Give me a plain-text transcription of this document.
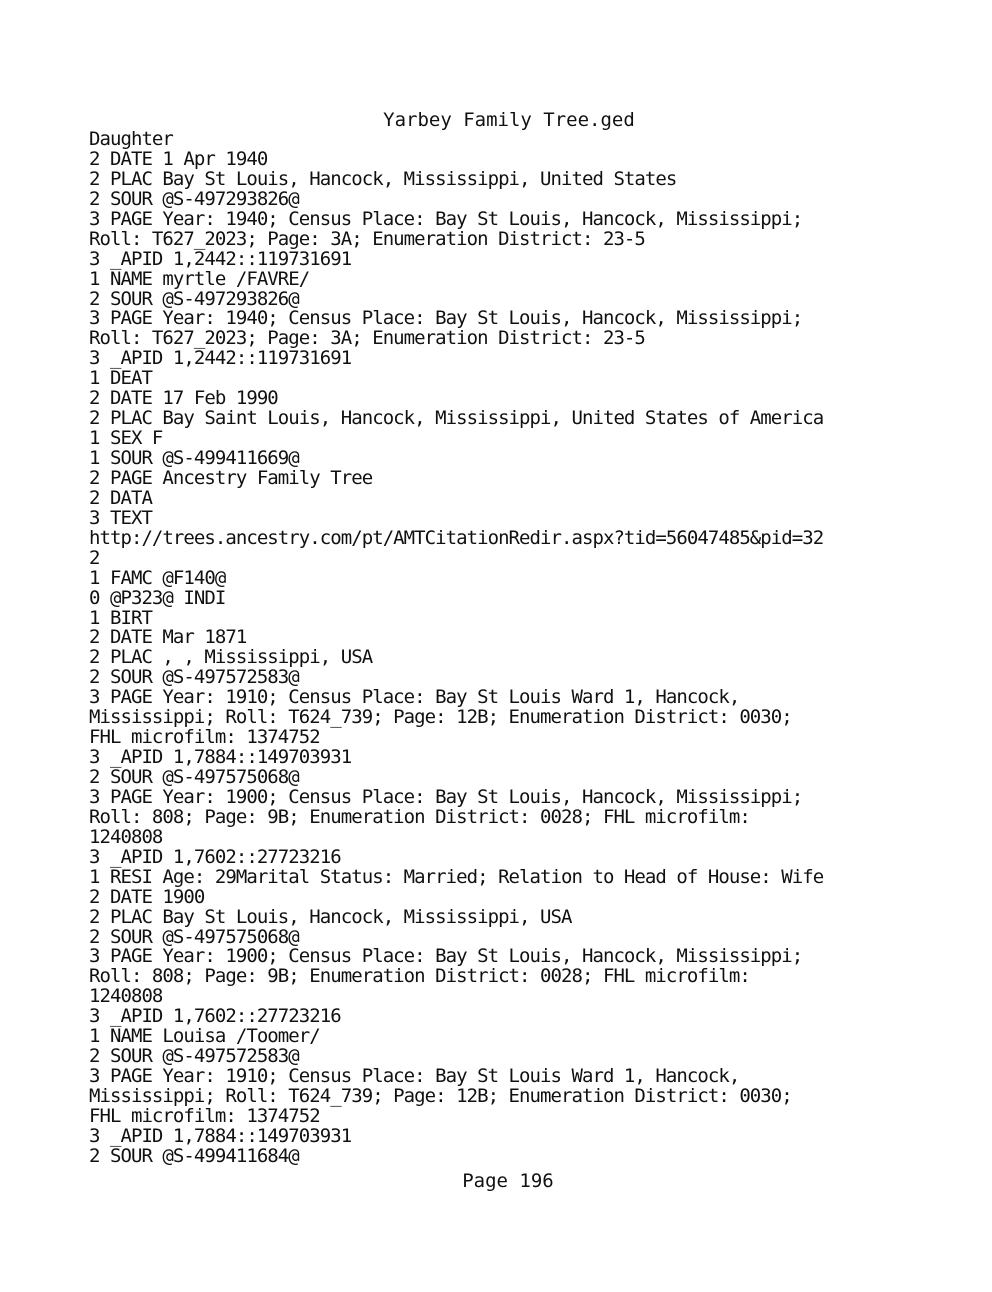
Yarbey Family Tree.ged
Daughter
2 DATE 1 Apr 1940
2 PLAC Bay St Louis, Hancock, Mississippi, United States
2 SOUR @S-497293826@
3 PAGE Year: 1940; Census Place: Bay St Louis, Hancock, Mississippi;
Roll: T627_2023; Page: 3A; Enumeration District: 23-5
3 _APID 1,2442::119731691
1 NAME myrtle /FAVRE/
2 SOUR @S-497293826@
3 PAGE Year: 1940; Census Place: Bay St Louis, Hancock, Mississippi;
Roll: T627_2023; Page: 3A; Enumeration District: 23-5
3 _APID 1,2442::119731691
1 DEAT
2 DATE 17 Feb 1990
2 PLAC Bay Saint Louis, Hancock, Mississippi, United States of America
1 SEX F
1 SOUR @S-499411669@
2 PAGE Ancestry Family Tree
2 DATA
3 TEXT
http://trees.ancestry.com/pt/AMTCitationRedir.aspx?tid=56047485&pid=32
2
1 FAMC @F140@
0 @P323@ INDI
1 BIRT
2 DATE Mar 1871
2 PLAC , , Mississippi, USA
2 SOUR @S-497572583@
3 PAGE Year: 1910; Census Place: Bay St Louis Ward 1, Hancock,
Mississippi; Roll: T624_739; Page: 12B; Enumeration District: 0030;
FHL microfilm: 1374752
3 _APID 1,7884::149703931
2 SOUR @S-497575068@
3 PAGE Year: 1900; Census Place: Bay St Louis, Hancock, Mississippi;
Roll: 808; Page: 9B; Enumeration District: 0028; FHL microfilm:
1240808
3 _APID 1,7602::27723216
1 RESI Age: 29Marital Status: Married; Relation to Head of House: Wife
2 DATE 1900
2 PLAC Bay St Louis, Hancock, Mississippi, USA
2 SOUR @S-497575068@
3 PAGE Year: 1900; Census Place: Bay St Louis, Hancock, Mississippi;
Roll: 808; Page: 9B; Enumeration District: 0028; FHL microfilm:
1240808
3 _APID 1,7602::27723216
1 NAME Louisa /Toomer/
2 SOUR @S-497572583@
3 PAGE Year: 1910; Census Place: Bay St Louis Ward 1, Hancock,
Mississippi; Roll: T624_739; Page: 12B; Enumeration District: 0030;
FHL microfilm: 1374752
3 _APID 1,7884::149703931
2 SOUR @S-499411684@
Page 196
